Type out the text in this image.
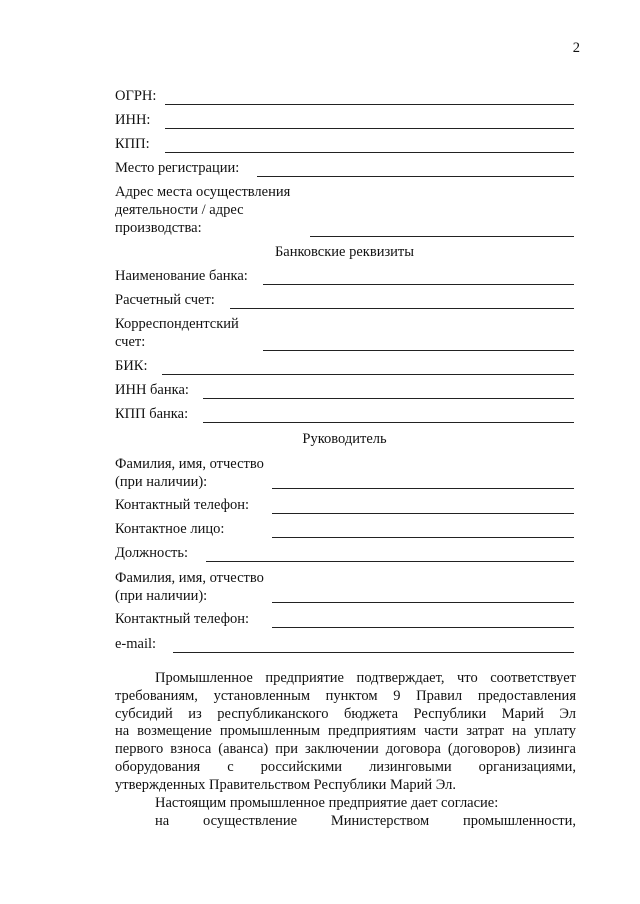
2
ОГРН:
ИНН:
КПП:
Место регистрации:
Адрес места осуществления
деятельности / адрес
производства:
Банковские реквизиты
Наименование банка:
Расчетный счет:
Корреспондентский
счет:
БИК:
ИНН банка:
КПП банка:
Руководитель
Фамилия, имя, отчество
(при наличии):
Контактный телефон:
Контактное лицо:
Должность:
Фамилия, имя, отчество
(при наличии):
Контактный телефон:
e-mail:
Промышленное предприятие подтверждает, что соответствует
требованиям, установленным пунктом 9 Правил предоставления
субсидий из республиканского бюджета Республики Марий Эл
на возмещение промышленным предприятиям части затрат на уплату
первого взноса (аванса) при заключении договора (договоров) лизинга
оборудования с российскими лизинговыми организациями,
утвержденных Правительством Республики Марий Эл.
Настоящим промышленное предприятие дает согласие:
на осуществление Министерством промышленности,
